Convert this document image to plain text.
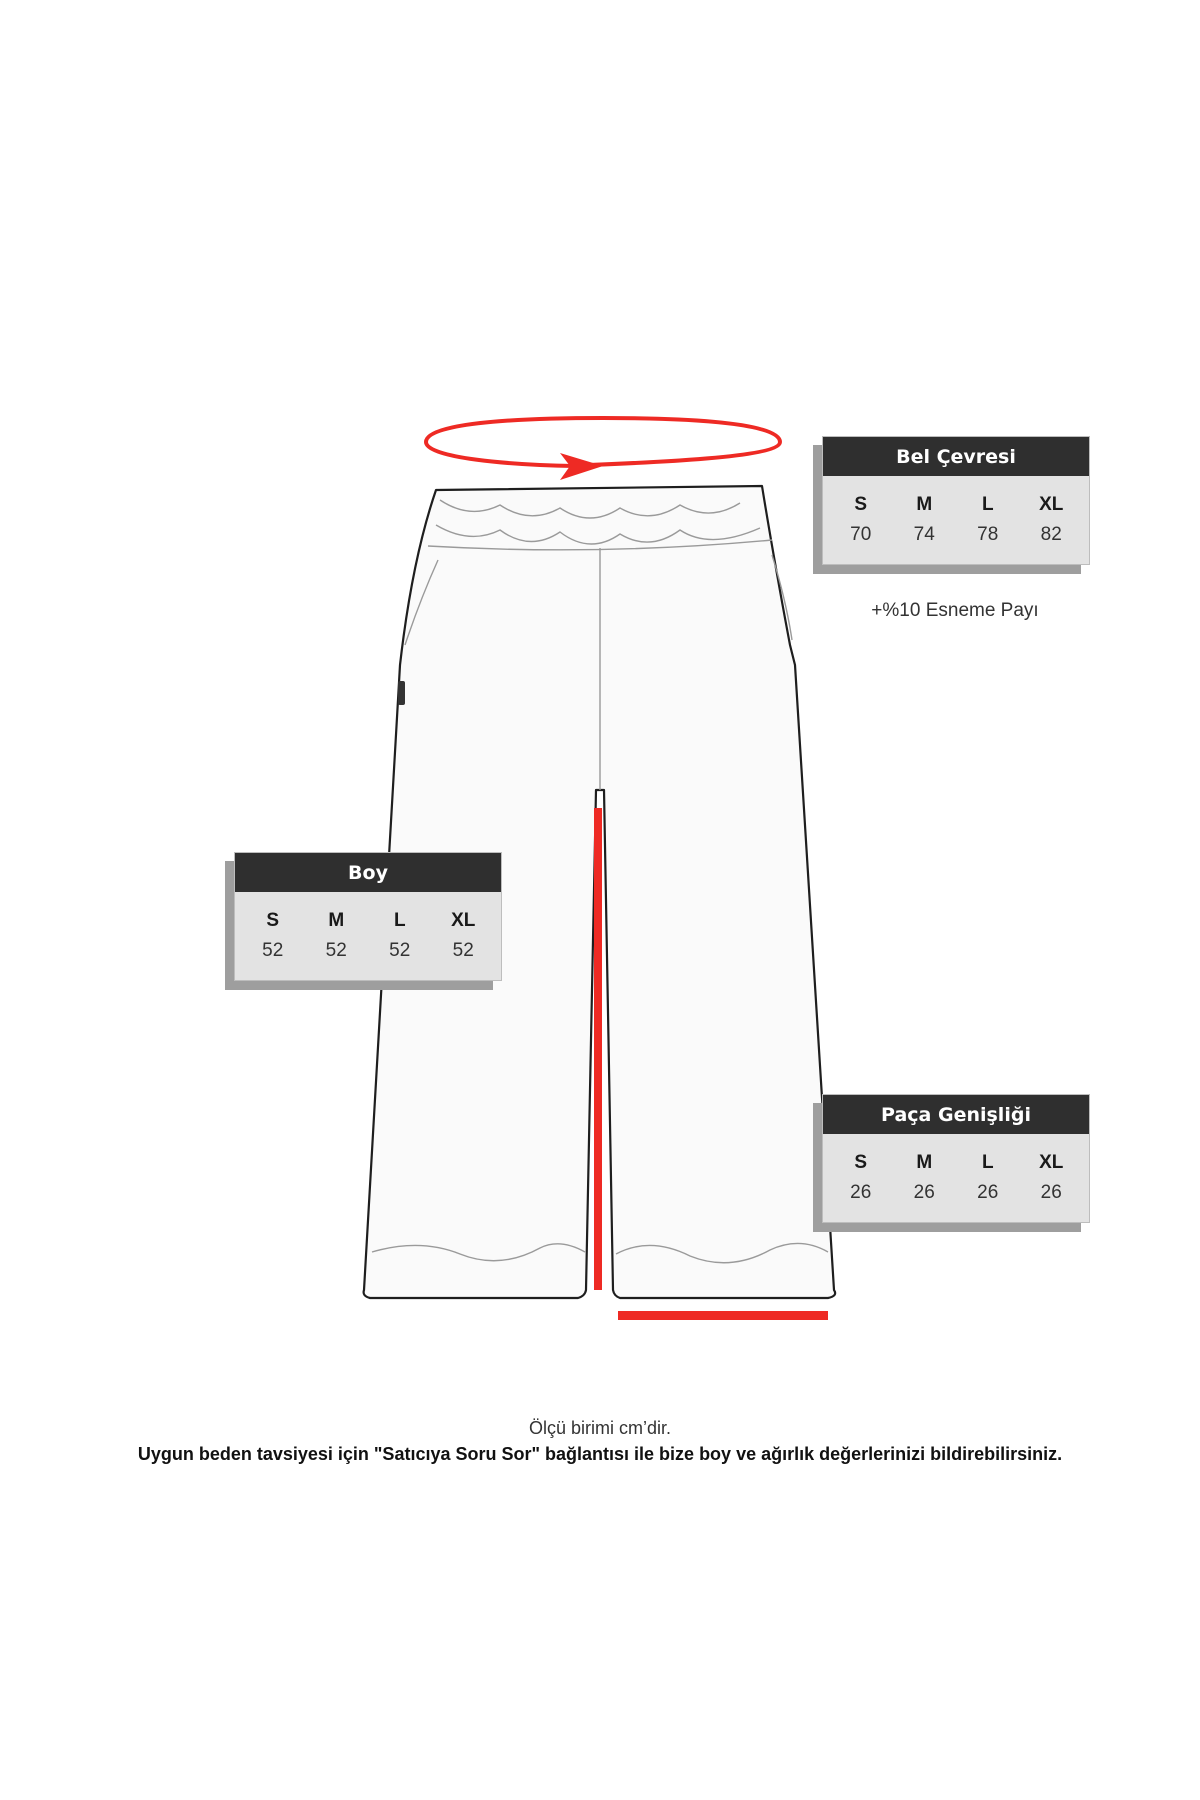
Bel Çevresi
S	M	L	XL
70	74	78	82
+%10 Esneme Payı
Boy
S	M	L	XL
52	52	52	52
Paça Genişliği
S	M	L	XL
26	26	26	26
Ölçü birimi cm’dir.
Uygun beden tavsiyesi için "Satıcıya Soru Sor" bağlantısı ile bize boy ve ağırlık değerlerinizi bildirebilirsiniz.
